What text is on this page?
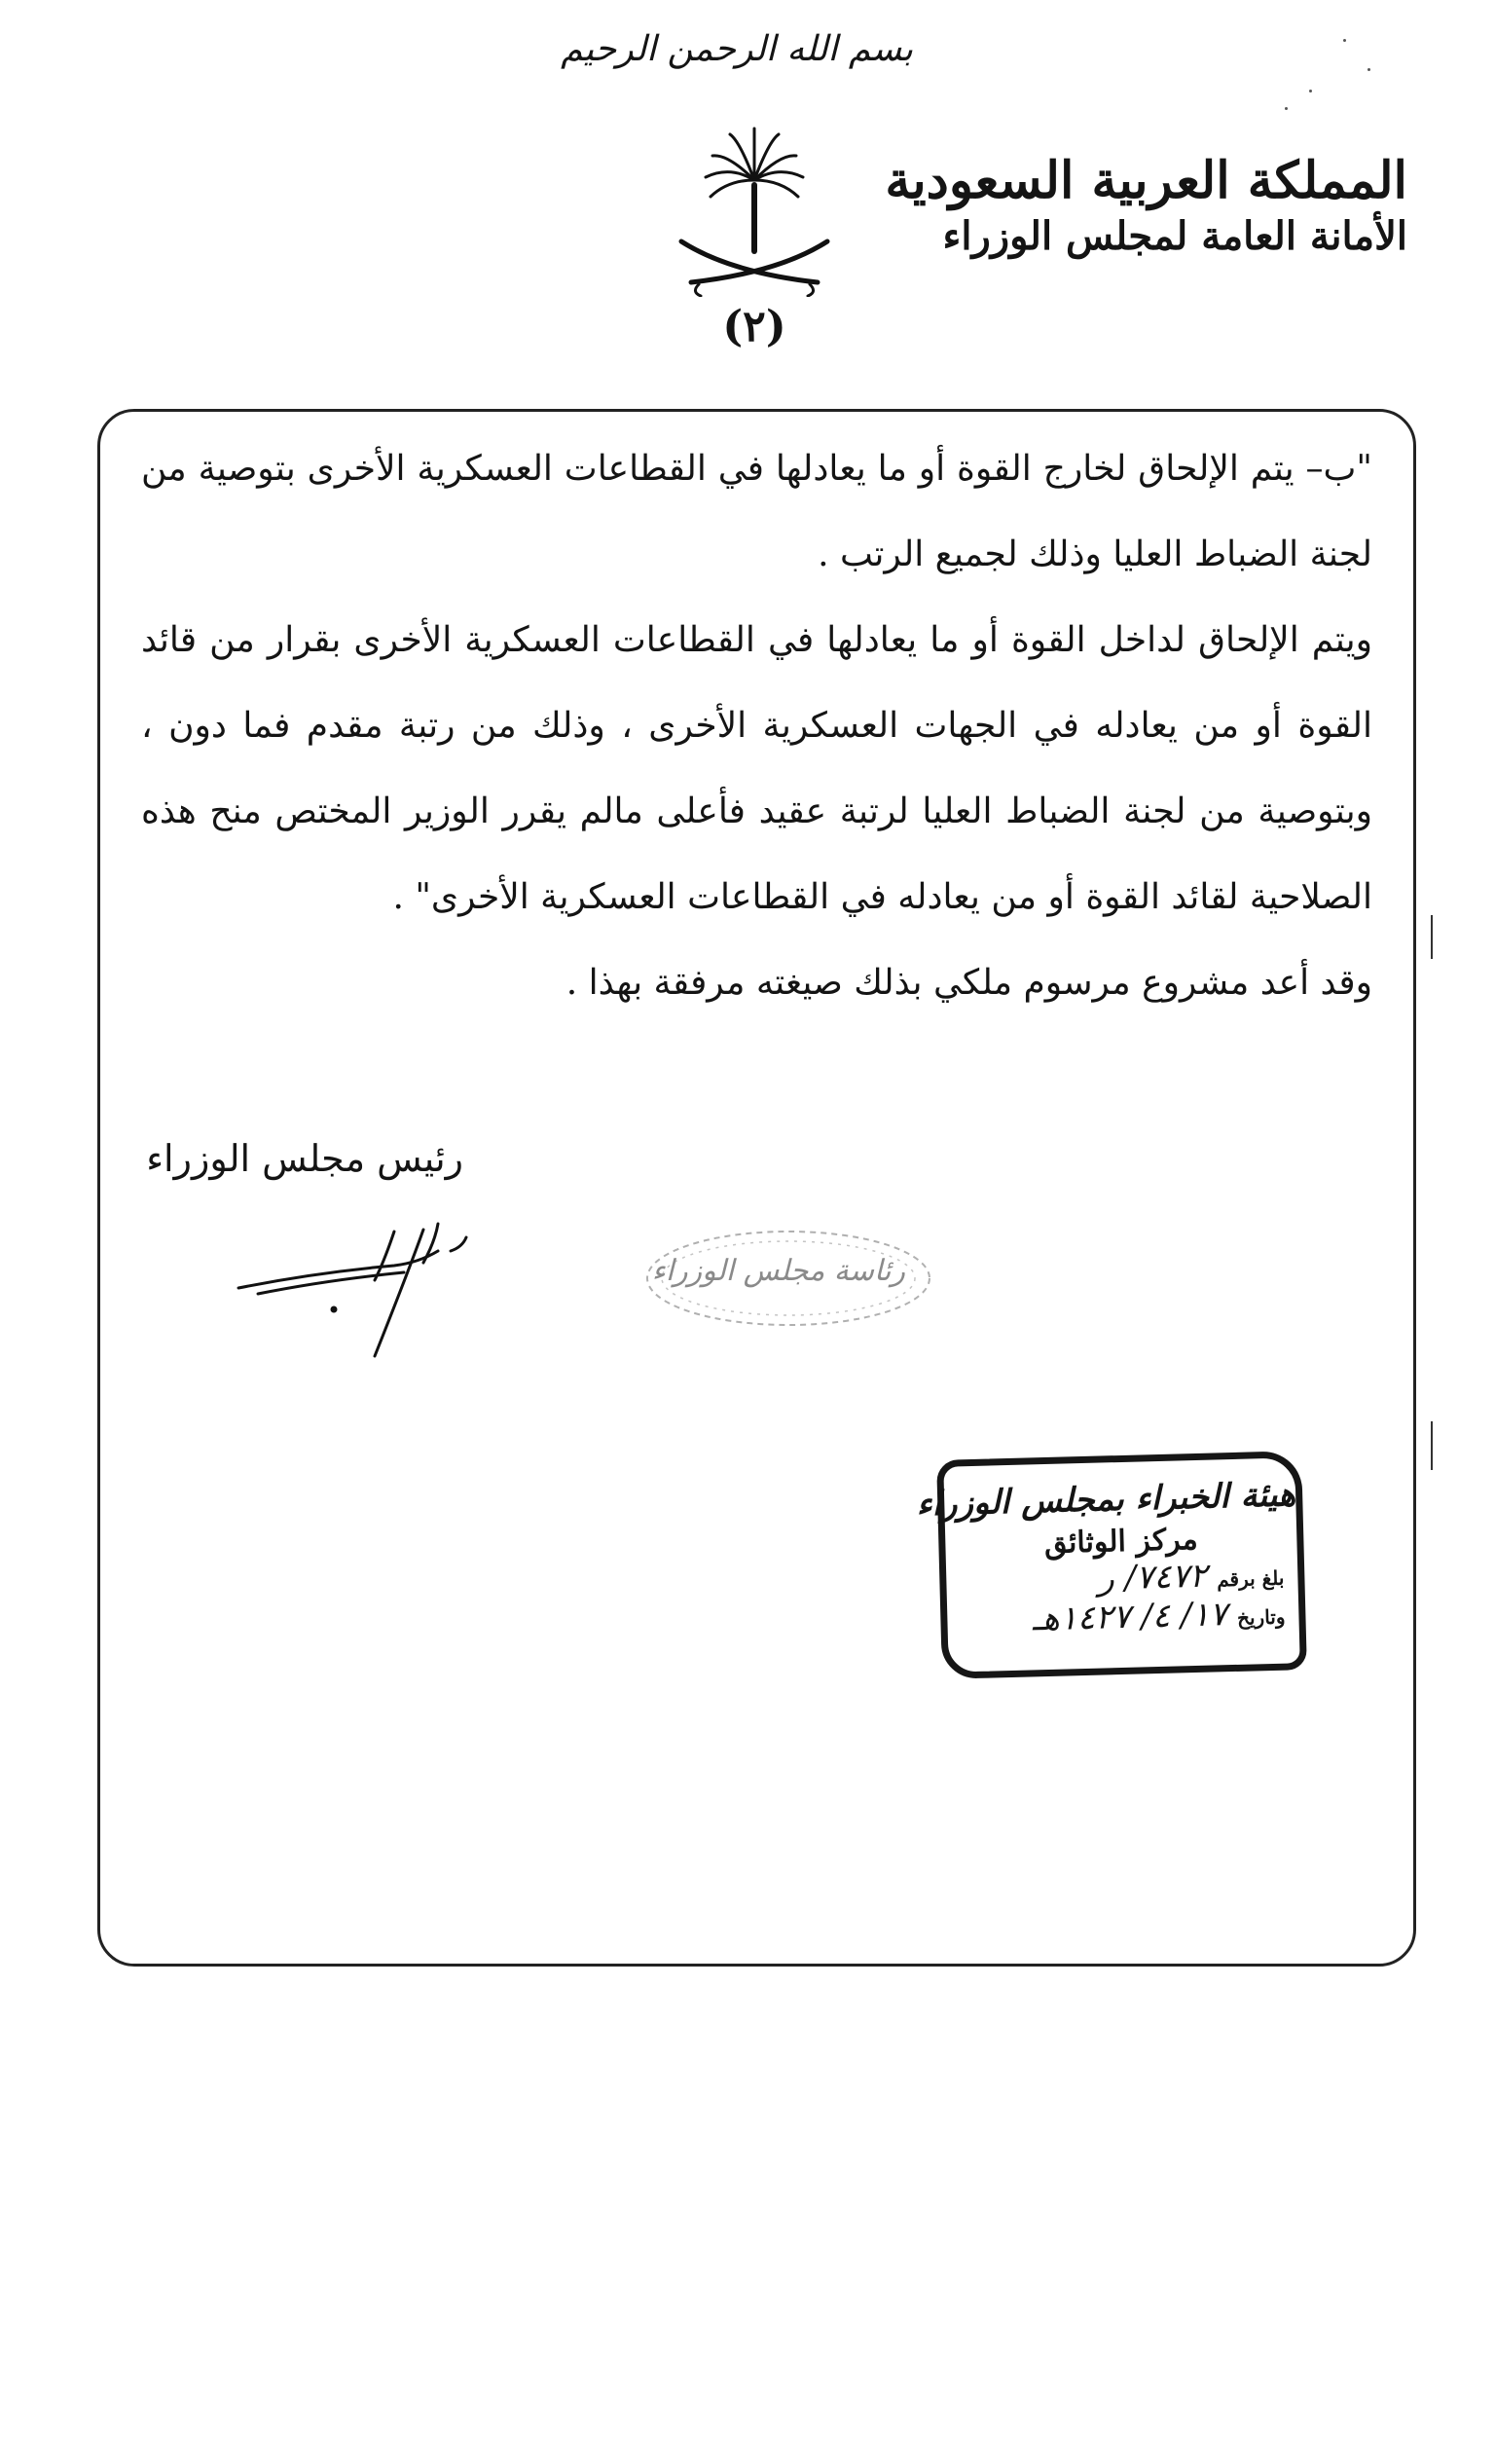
بسم الله الرحمن الرحيم
(٢)
المملكة العربية السعودية
الأمانة العامة لمجلس الوزراء

"ب– يتم الإلحاق لخارج القوة أو ما يعادلها في القطاعات العسكرية الأخرى بتوصية من لجنة الضباط العليا وذلك لجميع الرتب .

ويتم الإلحاق لداخل القوة أو ما يعادلها في القطاعات العسكرية الأخرى بقرار من قائد القوة أو من يعادله في الجهات العسكرية الأخرى ، وذلك من رتبة مقدم فما دون ، وبتوصية من لجنة الضباط العليا لرتبة عقيد فأعلى مالم يقرر الوزير المختص منح هذه الصلاحية لقائد القوة أو من يعادله في القطاعات العسكرية الأخرى" .

وقد أعد مشروع مرسوم ملكي بذلك صيغته مرفقة بهذا .

رئيس مجلس الوزراء
رئاسة مجلس الوزراء
هيئة الخبراء بمجلس الوزراء
مركز الوثائق
بلغ برقم
٧٤٧٢/ ر
وتاريخ
١٧/ ٤/ ١٤٢٧هـ
